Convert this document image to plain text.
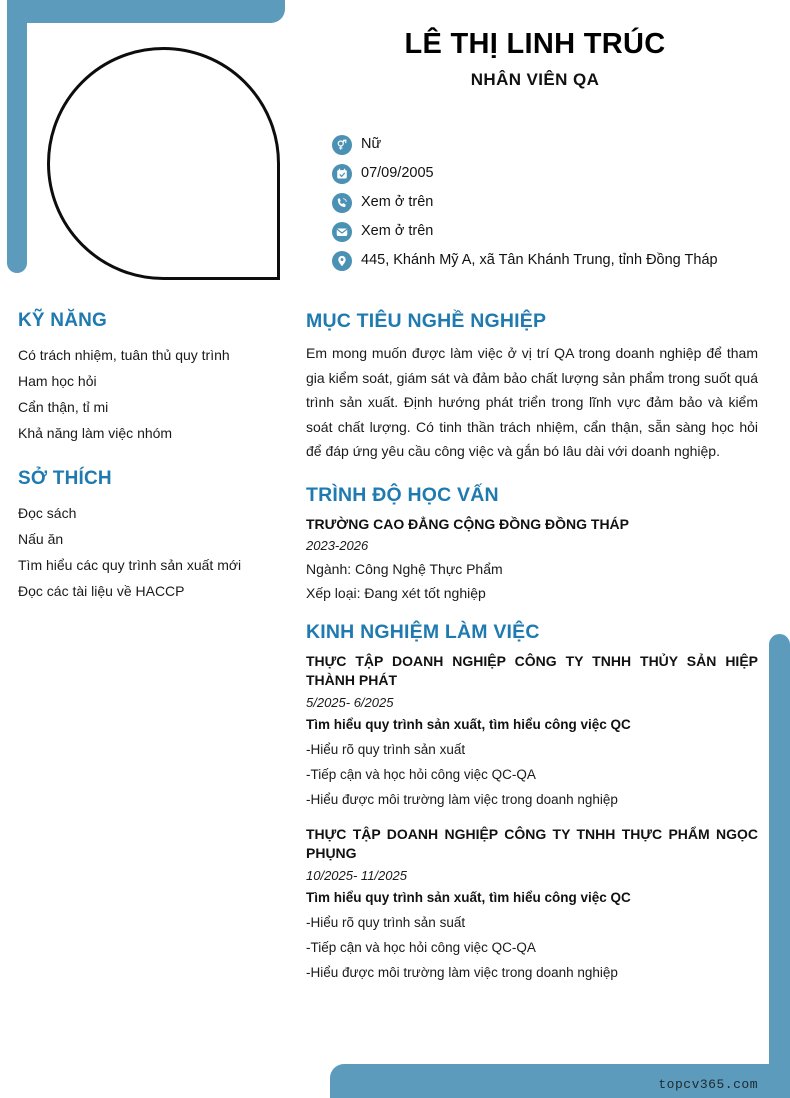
topcv365.com
LÊ THỊ LINH TRÚC
NHÂN VIÊN QA
Nữ
07/09/2005
Xem ở trên
Xem ở trên
445, Khánh Mỹ A, xã Tân Khánh Trung, tỉnh Đồng Tháp
KỸ NĂNG
Có trách nhiệm, tuân thủ quy trình
Ham học hỏi
Cẩn thận, tỉ mi
Khả năng làm việc nhóm
SỞ THÍCH
Đọc sách
Nấu ăn
Tìm hiểu các quy trình sản xuất mới
Đọc các tài liệu về HACCP
MỤC TIÊU NGHỀ NGHIỆP
Em mong muốn được làm việc ở vị trí QA trong doanh nghiệp để tham gia kiểm soát, giám sát và đảm bảo chất lượng sản phẩm trong suốt quá trình sản xuất. Định hướng phát triển trong lĩnh vực đảm bảo và kiểm soát chất lượng. Có tinh thần trách nhiệm, cẩn thận, sẵn sàng học hỏi để đáp ứng yêu cầu công việc và gắn bó lâu dài với doanh nghiệp.
TRÌNH ĐỘ HỌC VẤN
TRƯỜNG CAO ĐẲNG CỘNG ĐỒNG ĐỒNG THÁP
2023-2026
Ngành: Công Nghệ Thực Phẩm
Xếp loại: Đang xét tốt nghiệp
KINH NGHIỆM LÀM VIỆC
THỰC TẬP DOANH NGHIỆP CÔNG TY TNHH THỦY SẢN HIỆP THÀNH PHÁT
5/2025- 6/2025
Tìm hiểu quy trình sản xuất, tìm hiểu công việc QC
-Hiểu rõ quy trình sản xuất
-Tiếp cận và học hỏi công việc QC-QA
-Hiểu được môi trường làm việc trong doanh nghiệp
THỰC TẬP DOANH NGHIỆP CÔNG TY TNHH THỰC PHẨM NGỌC PHỤNG
10/2025- 11/2025
Tìm hiểu quy trình sản xuất, tìm hiểu công việc QC
-Hiểu rõ quy trình sản suất
-Tiếp cận và học hỏi công việc QC-QA
-Hiểu được môi trường làm việc trong doanh nghiệp
